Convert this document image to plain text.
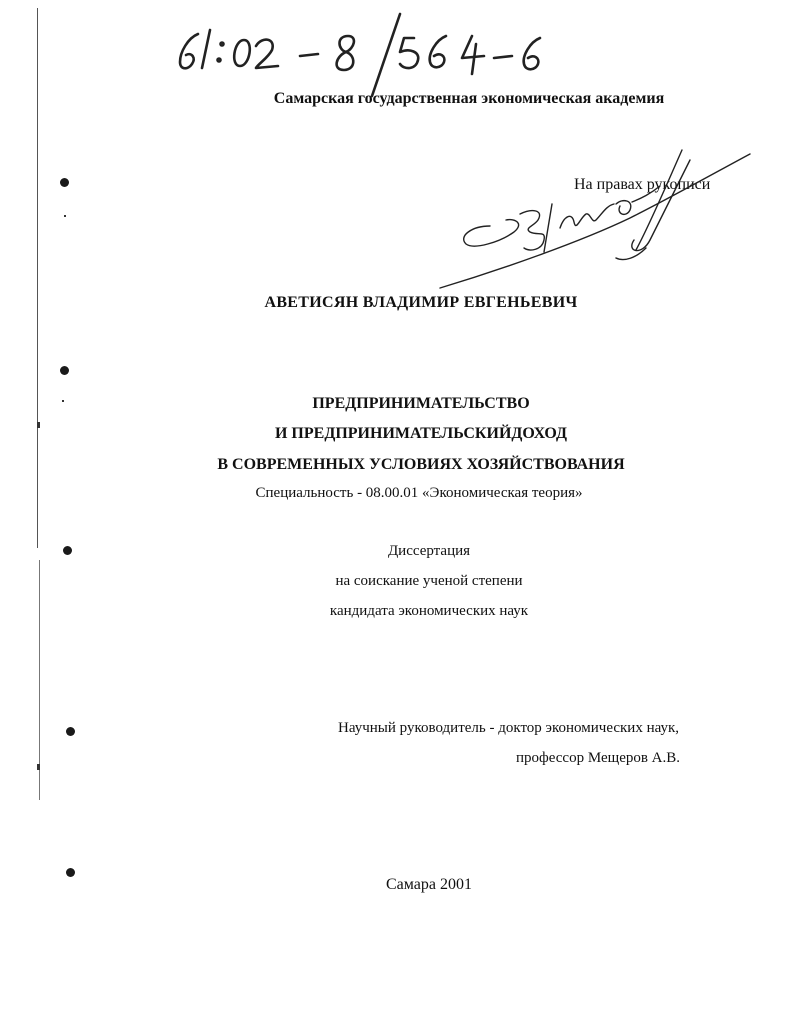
Самарская государственная экономическая академия
На правах рукописи
АВЕТИСЯН ВЛАДИМИР ЕВГЕНЬЕВИЧ
ПРЕДПРИНИМАТЕЛЬСТВО
И ПРЕДПРИНИМАТЕЛЬСКИЙДОХОД
В СОВРЕМЕННЫХ УСЛОВИЯХ ХОЗЯЙСТВОВАНИЯ
Специальность - 08.00.01 «Экономическая теория»
Диссертация
на соискание ученой степени
кандидата экономических наук
Научный руководитель - доктор экономических наук,
профессор Мещеров А.В.
Самара 2001
